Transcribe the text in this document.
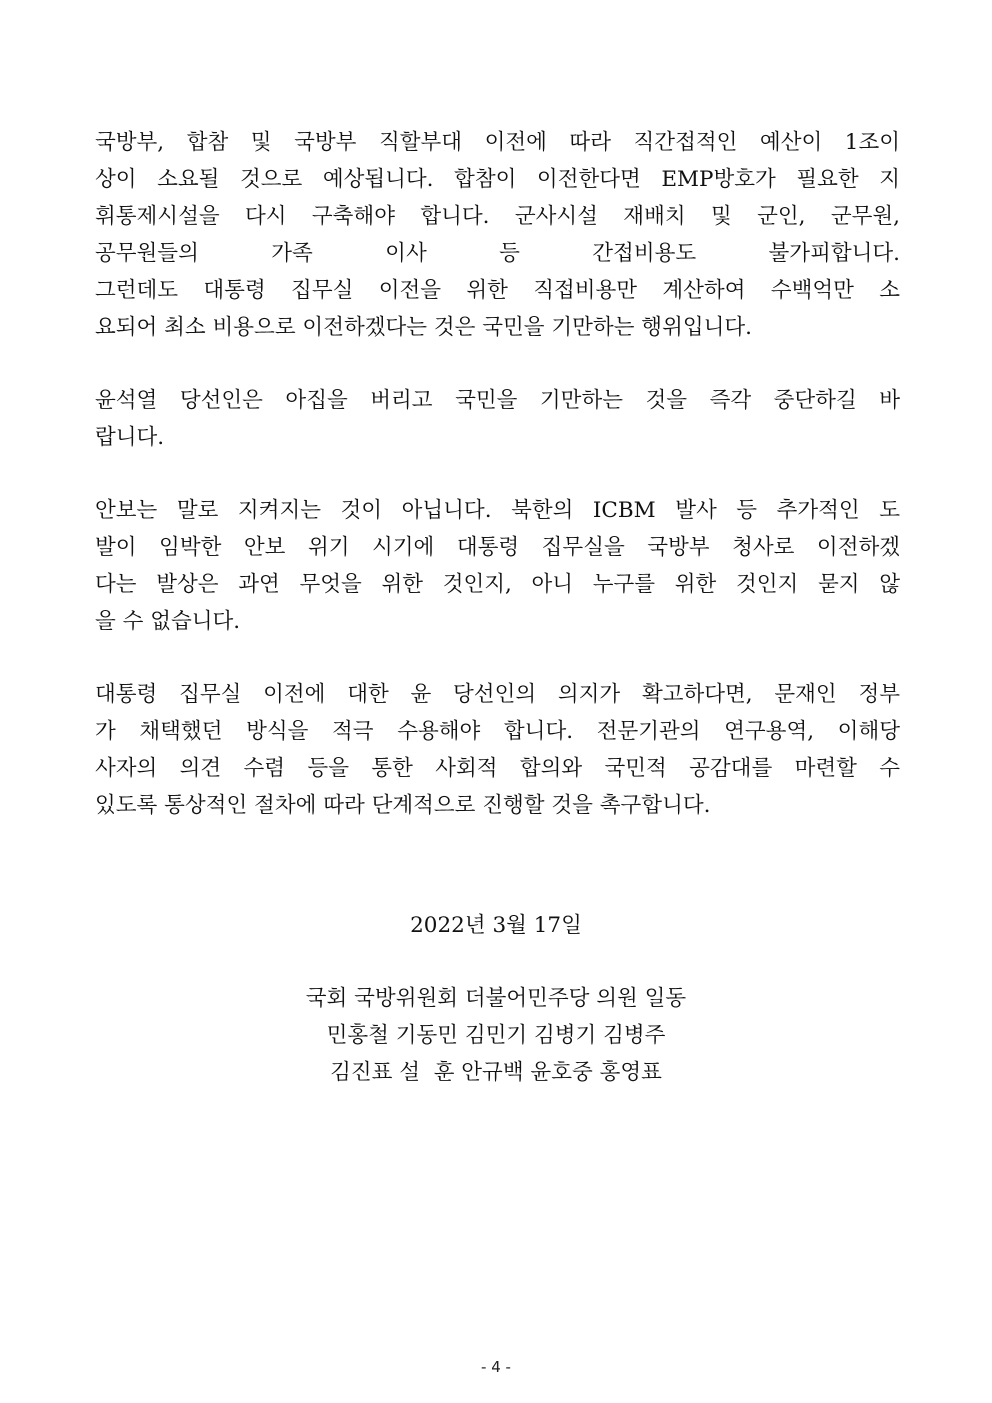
국방부, 합참 및 국방부 직할부대 이전에 따라 직간접적인 예산이 1조이
상이 소요될 것으로 예상됩니다. 합참이 이전한다면 EMP방호가 필요한 지
휘통제시설을 다시 구축해야 합니다. 군사시설 재배치 및 군인, 군무원,
공무원들의 가족 이사 등 간접비용도 불가피합니다.
그런데도 대통령 집무실 이전을 위한 직접비용만 계산하여 수백억만 소
요되어 최소 비용으로 이전하겠다는 것은 국민을 기만하는 행위입니다.
윤석열 당선인은 아집을 버리고 국민을 기만하는 것을 즉각 중단하길 바
랍니다.
안보는 말로 지켜지는 것이 아닙니다. 북한의 ICBM 발사 등 추가적인 도
발이 임박한 안보 위기 시기에 대통령 집무실을 국방부 청사로 이전하겠
다는 발상은 과연 무엇을 위한 것인지, 아니 누구를 위한 것인지 묻지 않
을 수 없습니다.
대통령 집무실 이전에 대한 윤 당선인의 의지가 확고하다면, 문재인 정부
가 채택했던 방식을 적극 수용해야 합니다. 전문기관의 연구용역, 이해당
사자의 의견 수렴 등을 통한 사회적 합의와 국민적 공감대를 마련할 수
있도록 통상적인 절차에 따라 단계적으로 진행할 것을 촉구합니다.
2022년 3월 17일
국회 국방위원회 더불어민주당 의원 일동
민홍철 기동민 김민기 김병기 김병주
김진표 설  훈 안규백 윤호중 홍영표
- 4 -
